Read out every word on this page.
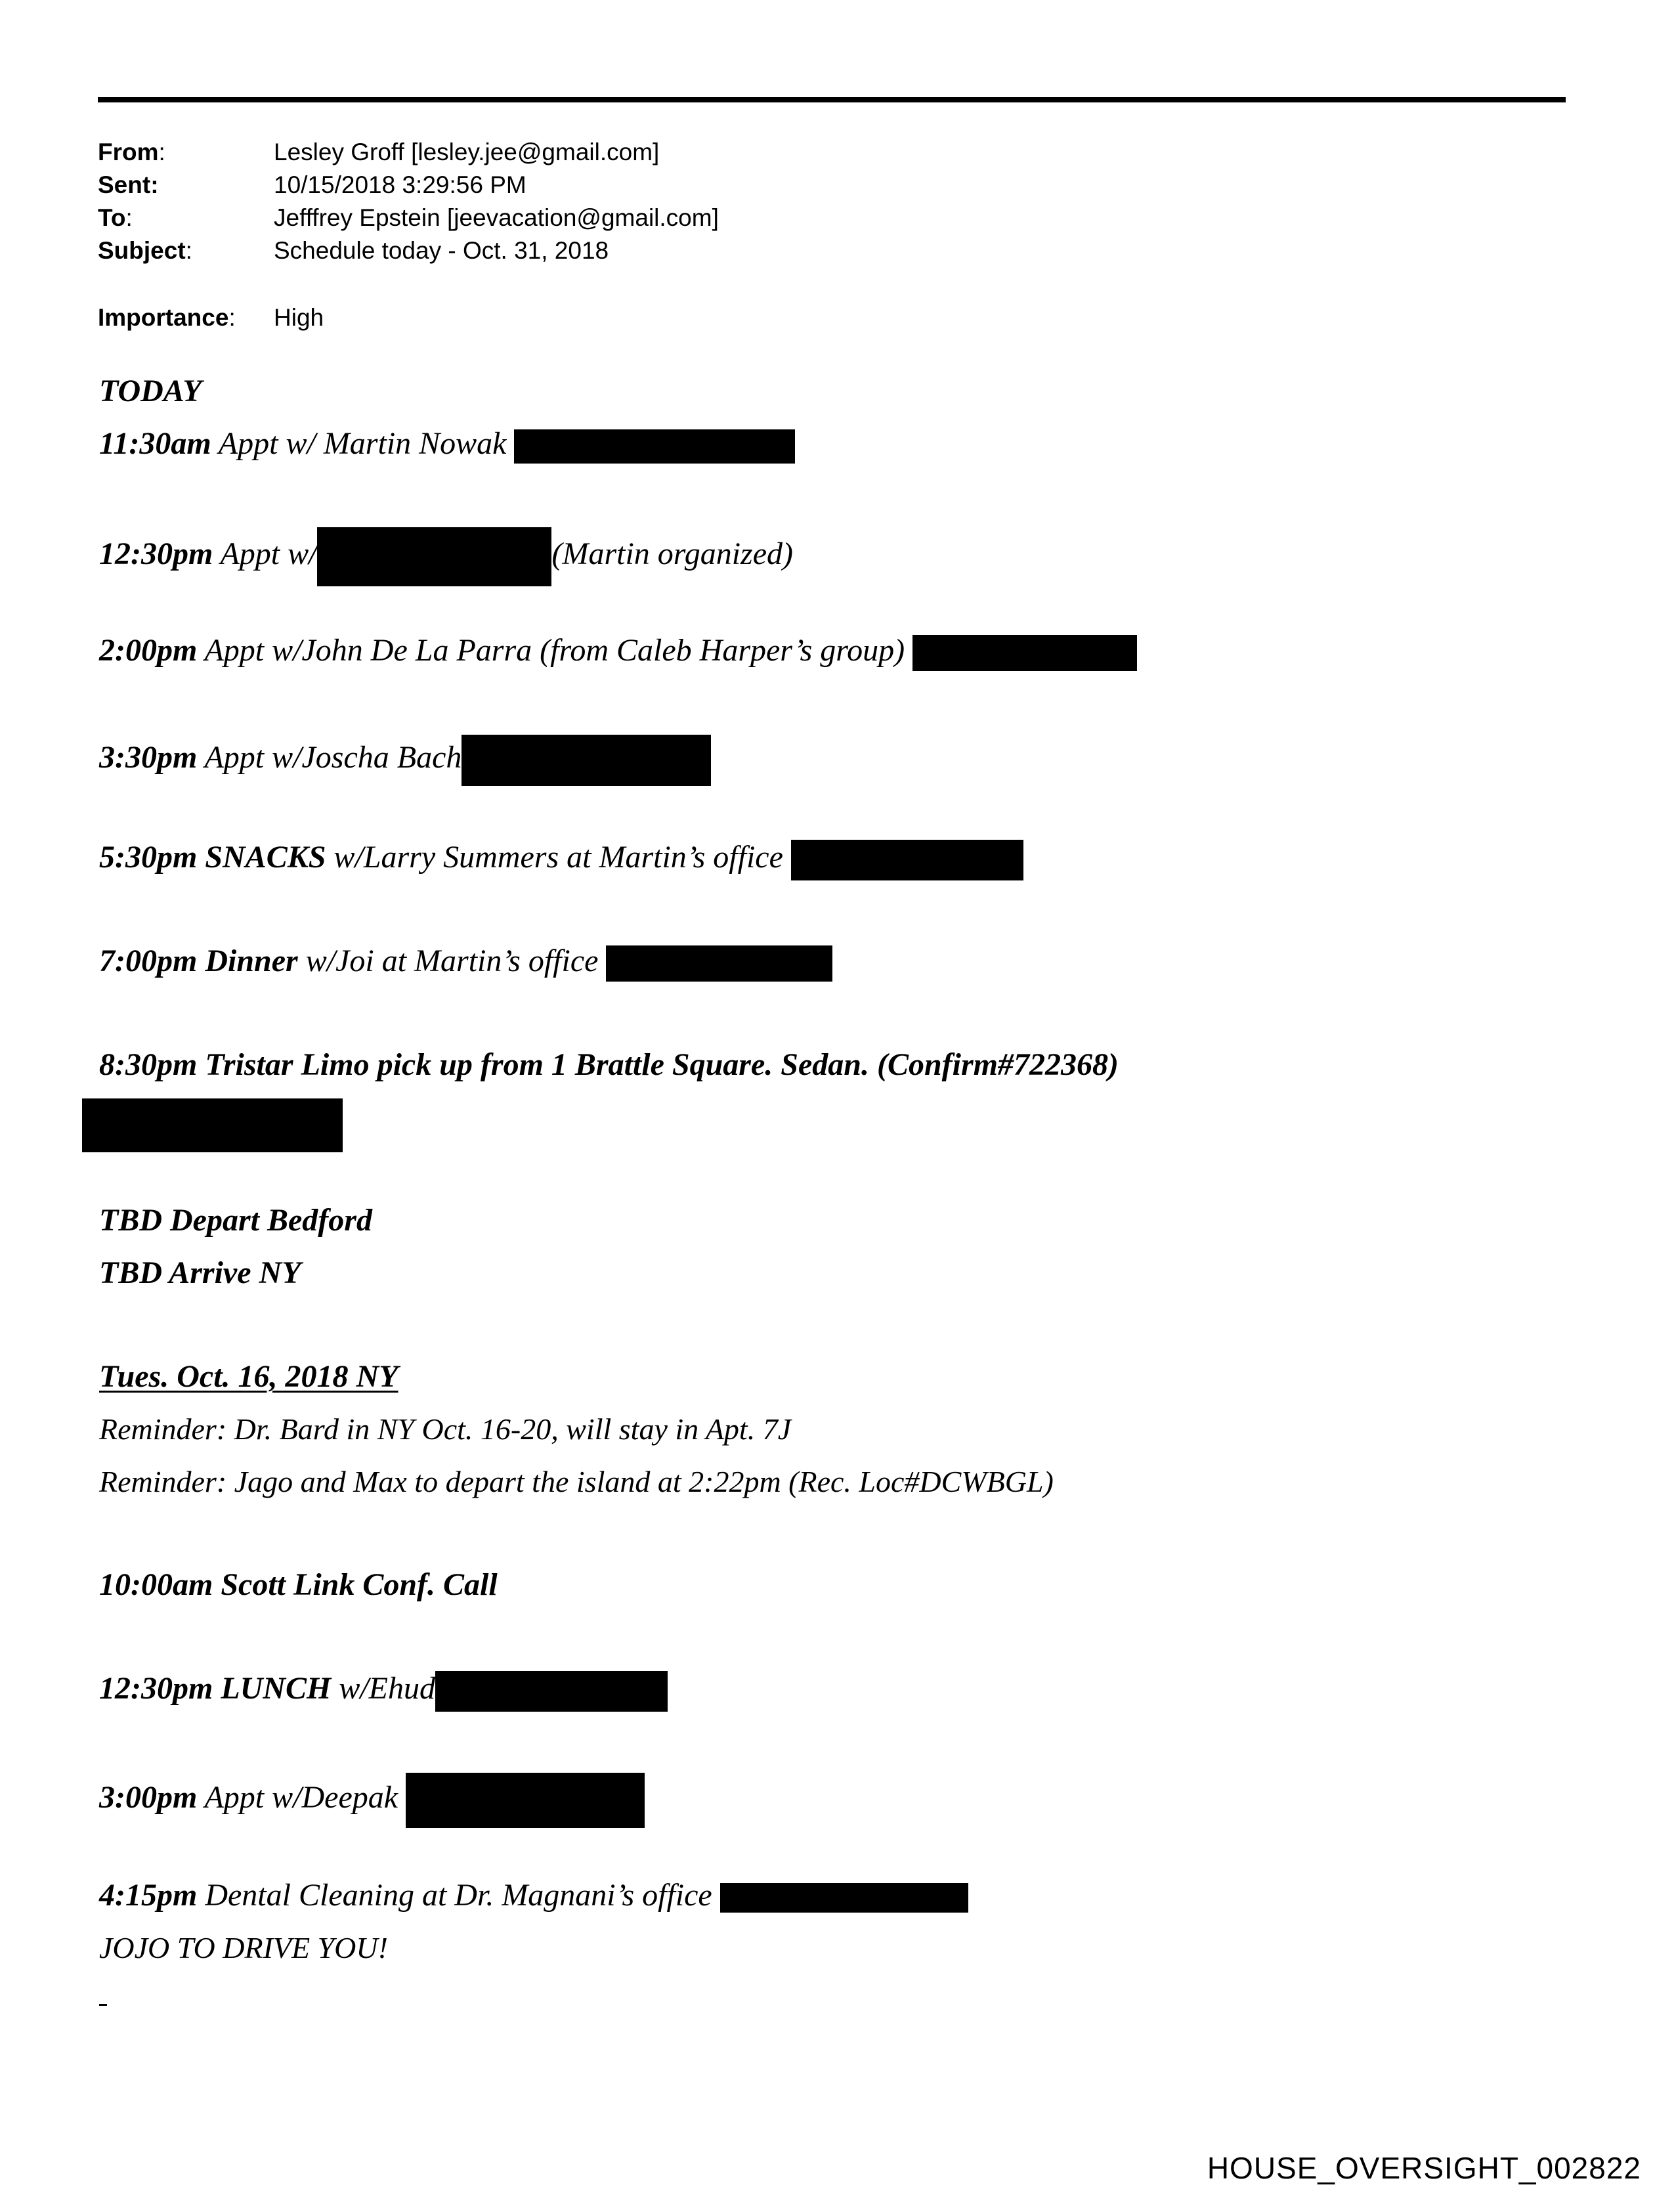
From:	Lesley Groff [lesley.jee@gmail.com]
Sent:	10/15/2018 3:29:56 PM
To:	Jefffrey Epstein [jeevacation@gmail.com]
Subject:	Schedule today - Oct. 31, 2018
Importance: High
TODAY
11:30am Appt w/ Martin Nowak
12:30pm Appt w/	(Martin organized)
2:00pm Appt w/John De La Parra (from Caleb Harper’s group)
3:30pm Appt w/Joscha Bach
5:30pm SNACKS w/Larry Summers at Martin’s office
7:00pm Dinner w/Joi at Martin’s office
8:30pm Tristar Limo pick up from 1 Brattle Square. Sedan. (Confirm#722368)
TBD Depart Bedford
TBD Arrive NY
Tues. Oct. 16, 2018 NY
Reminder: Dr. Bard in NY Oct. 16-20, will stay in Apt. 7J
Reminder: Jago and Max to depart the island at 2:22pm (Rec. Loc#DCWBGL)
10:00am Scott Link Conf. Call
12:30pm LUNCH w/Ehud
3:00pm Appt w/Deepak
4:15pm Dental Cleaning at Dr. Magnani’s office
JOJO TO DRIVE YOU!
HOUSE_OVERSIGHT_002822
